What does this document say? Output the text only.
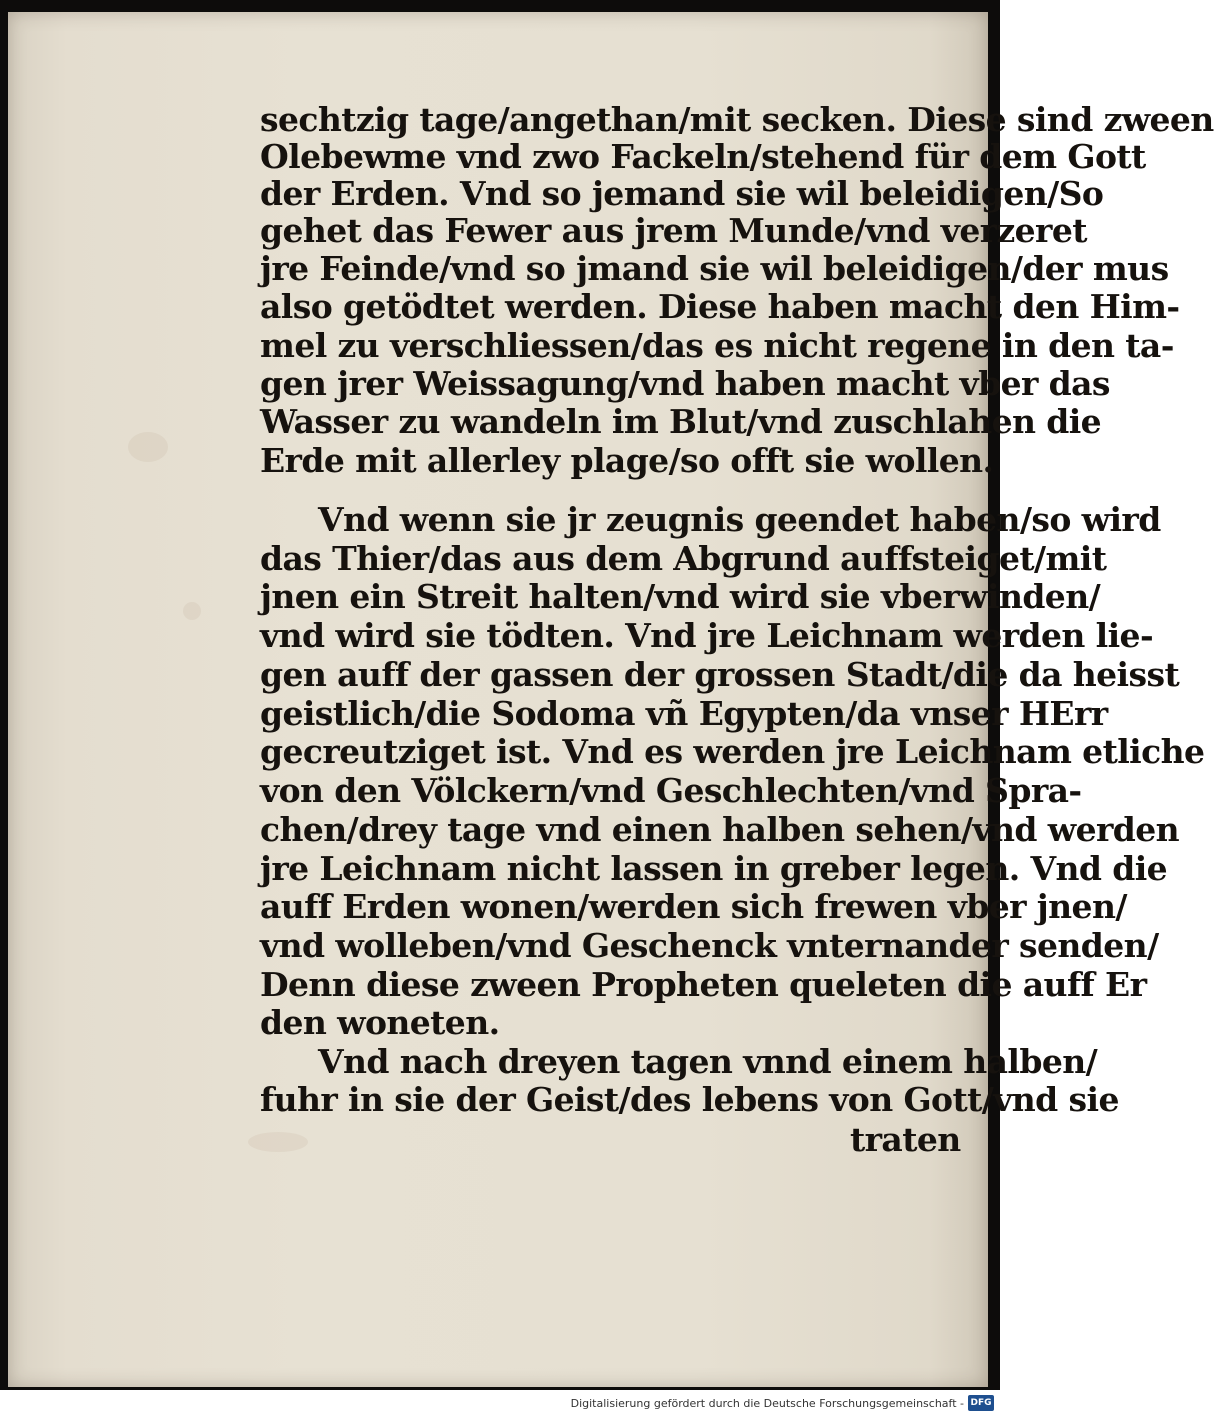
sechtzig tage/angethan/mit secken. Diese sind zween
Olebewme vnd zwo Fackeln/stehend für dem Gott
der Erden. Vnd so jemand sie wil beleidigen/So
gehet das Fewer aus jrem Munde/vnd verzeret
jre Feinde/vnd so jmand sie wil beleidigen/der mus
also getödtet werden. Diese haben macht den Him-
mel zu verschliessen/das es nicht regene in den ta-
gen jrer Weissagung/vnd haben macht vber das
Wasser zu wandeln im Blut/vnd zuschlahen die
Erde mit allerley plage/so offt sie wollen.
Vnd wenn sie jr zeugnis geendet haben/so wird
das Thier/das aus dem Abgrund auffsteiget/mit
jnen ein Streit halten/vnd wird sie vberwinden/
vnd wird sie tödten. Vnd jre Leichnam werden lie-
gen auff der gassen der grossen Stadt/die da heisst
geistlich/die Sodoma vñ Egypten/da vnser HErr
gecreutziget ist. Vnd es werden jre Leichnam etliche
von den Völckern/vnd Geschlechten/vnd Spra-
chen/drey tage vnd einen halben sehen/vnd werden
jre Leichnam nicht lassen in greber legen. Vnd die
auff Erden wonen/werden sich frewen vber jnen/
vnd wolleben/vnd Geschenck vnternander senden/
Denn diese zween Propheten queleten die auff Er
den woneten.
Vnd nach dreyen tagen vnnd einem halben/
fuhr in sie der Geist/des lebens von Gott/vnd sie
traten
Digitalisierung gefördert durch die Deutsche Forschungsgemeinschaft - DFG
